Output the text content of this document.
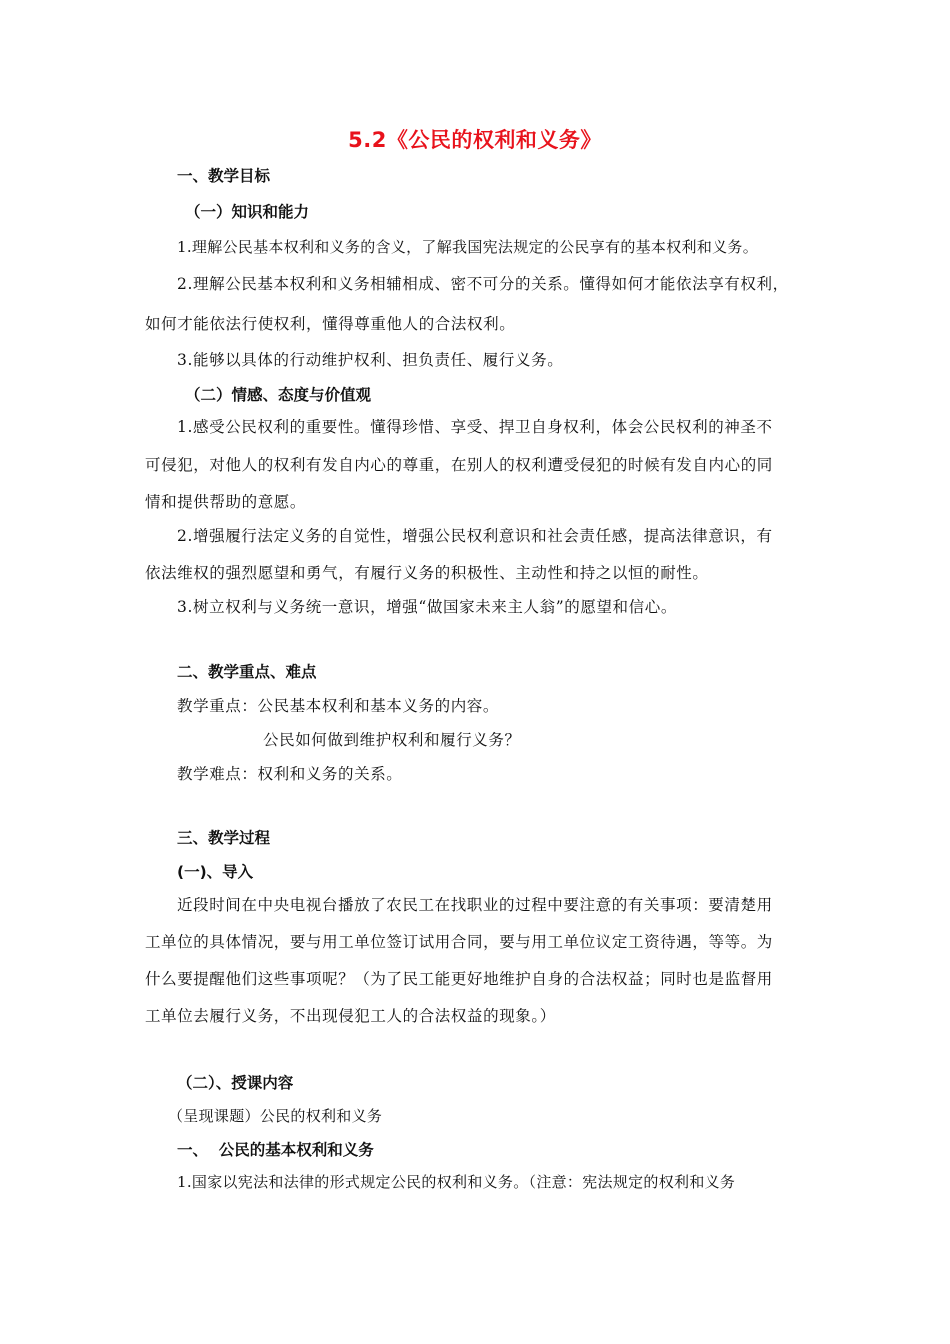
5.2《公民的权利和义务》
一、教学目标
（一）知识和能力
1.理解公民基本权利和义务的含义，了解我国宪法规定的公民享有的基本权利和义务。
2.理解公民基本权利和义务相辅相成、密不可分的关系。懂得如何才能依法享有权利，
如何才能依法行使权利，懂得尊重他人的合法权利。
3.能够以具体的行动维护权利、担负责任、履行义务。
（二）情感、态度与价值观
1.感受公民权利的重要性。懂得珍惜、享受、捍卫自身权利，体会公民权利的神圣不
可侵犯，对他人的权利有发自内心的尊重，在别人的权利遭受侵犯的时候有发自内心的同
情和提供帮助的意愿。
2.增强履行法定义务的自觉性，增强公民权利意识和社会责任感，提高法律意识，有
依法维权的强烈愿望和勇气，有履行义务的积极性、主动性和持之以恒的耐性。
3.树立权利与义务统一意识，增强“做国家未来主人翁”的愿望和信心。
二、教学重点、难点
教学重点：公民基本权利和基本义务的内容。
公民如何做到维护权利和履行义务？
教学难点：权利和义务的关系。
三、教学过程
(一)、导入
近段时间在中央电视台播放了农民工在找职业的过程中要注意的有关事项：要清楚用
工单位的具体情况，要与用工单位签订试用合同，要与用工单位议定工资待遇，等等。为
什么要提醒他们这些事项呢？（为了民工能更好地维护自身的合法权益；同时也是监督用
工单位去履行义务，不出现侵犯工人的合法权益的现象。）
（二）、授课内容
（呈现课题）公民的权利和义务
一、  公民的基本权利和义务
1.国家以宪法和法律的形式规定公民的权利和义务。（注意：宪法规定的权利和义务
